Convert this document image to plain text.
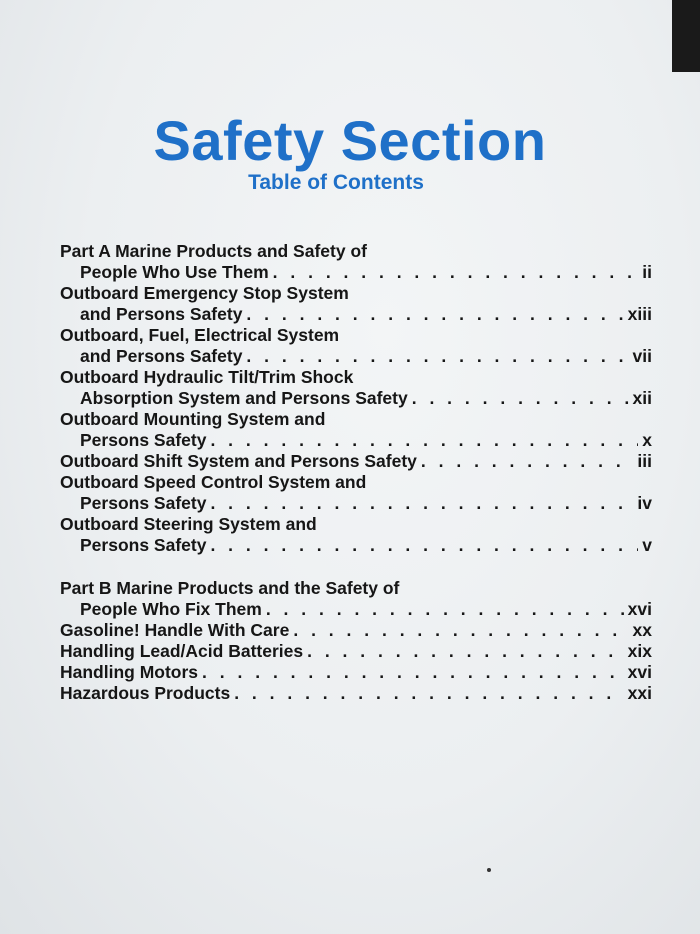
Safety Section
Table of Contents
Part A Marine Products and Safety of
People Who Use Them . . .	ii
Outboard Emergency Stop System
and Persons Safety . . .	xiii
Outboard, Fuel, Electrical System
and Persons Safety . . .	vii
Outboard Hydraulic Tilt/Trim Shock
Absorption System and Persons Safety . . .	xii
Outboard Mounting System and
Persons Safety . . .	x
Outboard Shift System and Persons Safety . . .	iii
Outboard Speed Control System and
Persons Safety . . .	iv
Outboard Steering System and
Persons Safety . . .	v
Part B Marine Products and the Safety of
People Who Fix Them . . .	xvi
Gasoline! Handle With Care . . .	xx
Handling Lead/Acid Batteries . . .	xix
Handling Motors . . .	xvi
Hazardous Products . . .	xxi
